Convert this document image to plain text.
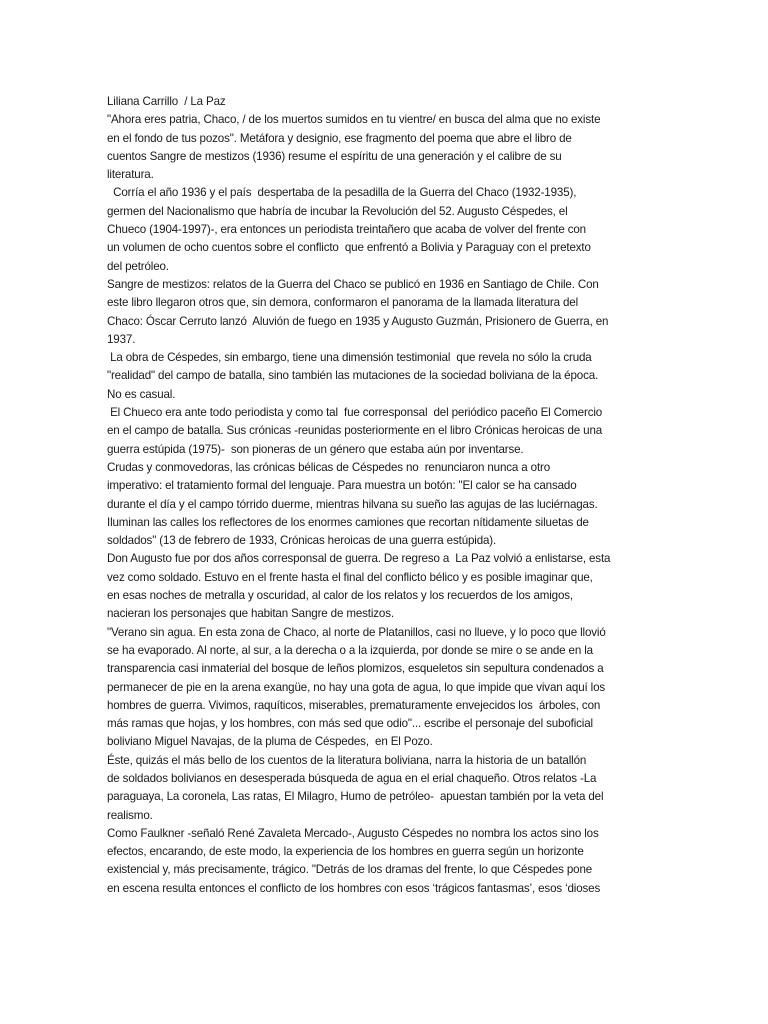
Liliana Carrillo  / La Paz
"Ahora eres patria, Chaco, / de los muertos sumidos en tu vientre/ en busca del alma que no existe
en el fondo de tus pozos". Metáfora y designio, ese fragmento del poema que abre el libro de
cuentos Sangre de mestizos (1936) resume el espíritu de una generación y el calibre de su
literatura.
Corría el año 1936 y el país  despertaba de la pesadilla de la Guerra del Chaco (1932-1935),
germen del Nacionalismo que habría de incubar la Revolución del 52. Augusto Céspedes, el
Chueco (1904-1997)-, era entonces un periodista treintañero que acaba de volver del frente con
un volumen de ocho cuentos sobre el conflicto  que enfrentó a Bolivia y Paraguay con el pretexto
del petróleo.
Sangre de mestizos: relatos de la Guerra del Chaco se publicó en 1936 en Santiago de Chile. Con
este libro llegaron otros que, sin demora, conformaron el panorama de la llamada literatura del
Chaco: Óscar Cerruto lanzó  Aluvión de fuego en 1935 y Augusto Guzmán, Prisionero de Guerra, en
1937.
La obra de Céspedes, sin embargo, tiene una dimensión testimonial  que revela no sólo la cruda
"realidad" del campo de batalla, sino también las mutaciones de la sociedad boliviana de la época.
No es casual.
El Chueco era ante todo periodista y como tal  fue corresponsal  del periódico paceño El Comercio
en el campo de batalla. Sus crónicas -reunidas posteriormente en el libro Crónicas heroicas de una
guerra estúpida (1975)-  son pioneras de un género que estaba aún por inventarse.
Crudas y conmovedoras, las crónicas bélicas de Céspedes no  renunciaron nunca a otro
imperativo: el tratamiento formal del lenguaje. Para muestra un botón: "El calor se ha cansado
durante el día y el campo tórrido duerme, mientras hilvana su sueño las agujas de las luciérnagas.
Iluminan las calles los reflectores de los enormes camiones que recortan nítidamente siluetas de
soldados" (13 de febrero de 1933, Crónicas heroicas de una guerra estúpida).
Don Augusto fue por dos años corresponsal de guerra. De regreso a  La Paz volvió a enlistarse, esta
vez como soldado. Estuvo en el frente hasta el final del conflicto bélico y es posible imaginar que,
en esas noches de metralla y oscuridad, al calor de los relatos y los recuerdos de los amigos,
nacieran los personajes que habitan Sangre de mestizos.
"Verano sin agua. En esta zona de Chaco, al norte de Platanillos, casi no llueve, y lo poco que llovió
se ha evaporado. Al norte, al sur, a la derecha o a la izquierda, por donde se mire o se ande en la
transparencia casi inmaterial del bosque de leños plomizos, esqueletos sin sepultura condenados a
permanecer de pie en la arena exangüe, no hay una gota de agua, lo que impide que vivan aquí los
hombres de guerra. Vivimos, raquíticos, miserables, prematuramente envejecidos los  árboles, con
más ramas que hojas, y los hombres, con más sed que odio"... escribe el personaje del suboficial
boliviano Miguel Navajas, de la pluma de Céspedes,  en El Pozo.
Éste, quizás el más bello de los cuentos de la literatura boliviana, narra la historia de un batallón
de soldados bolivianos en desesperada búsqueda de agua en el erial chaqueño. Otros relatos -La
paraguaya, La coronela, Las ratas, El Milagro, Humo de petróleo-  apuestan también por la veta del
realismo.
Como Faulkner -señaló René Zavaleta Mercado-, Augusto Céspedes no nombra los actos sino los
efectos, encarando, de este modo, la experiencia de los hombres en guerra según un horizonte
existencial y, más precisamente, trágico. "Detrás de los dramas del frente, lo que Céspedes pone
en escena resulta entonces el conflicto de los hombres con esos ‘trágicos fantasmas’, esos ‘dioses
